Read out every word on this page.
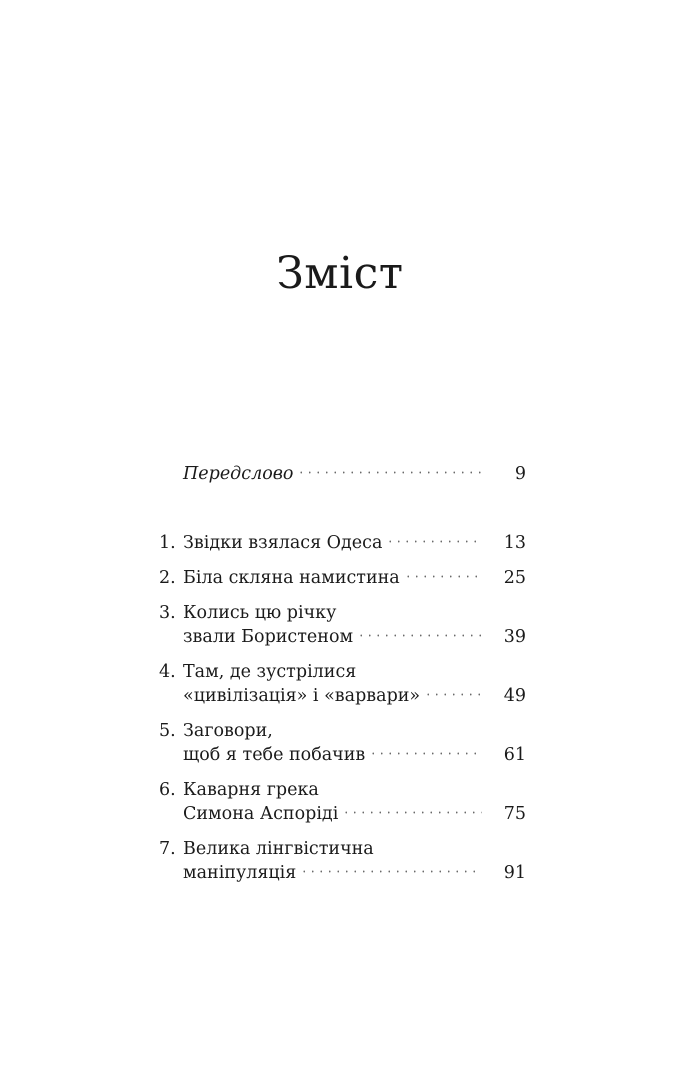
Зміст
Передслово	9
1. Звідки взялася Одеса	13
2. Біла скляна намистина	25
3. Колись цю річку
звали Бористеном	39
4. Там, де зустрілися
«цивілізація» і «варвари»	49
5. Заговори,
щоб я тебе побачив	61
6. Каварня грека
Симона Аспоріді	75
7. Велика лінгвістична
маніпуляція	91
